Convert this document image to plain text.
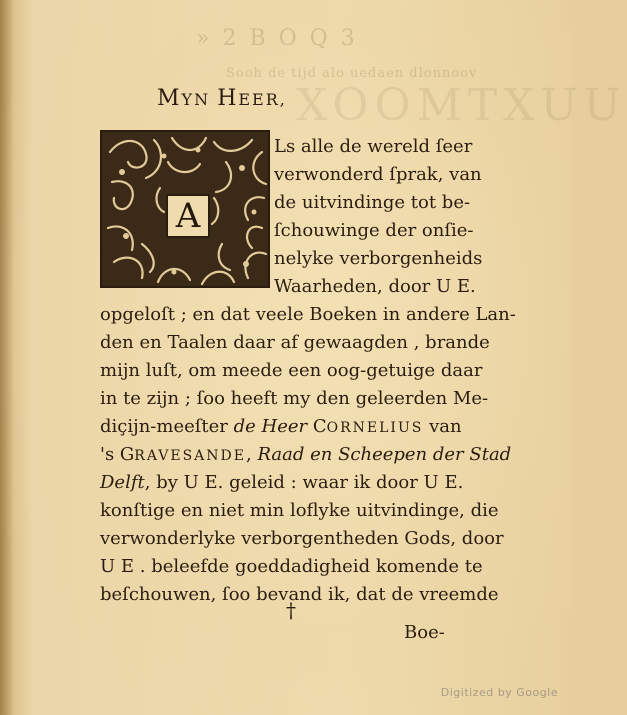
» 2 B O Q 3
Sooh de tijd alo uedaen dlonnoov
XOOMTXUU
MYN HEER,
A
Ls alle de wereld ſeer
verwonderd ſprak, van
de uitvindinge tot be-
ſchouwinge der onſie-
nelyke verborgenheids
Waarheden, door U E.
opgeloſt ; en dat veele Boeken in andere Lan-
den en Taalen daar af gewaagden , brande
mijn luſt, om meede een oog-getuige daar
in te zijn ; ſoo heeft my den geleerden Me-
diçijn-meeſter de Heer CORNELIUS van
's GRAVESANDE, Raad en Scheepen der Stad
Delft, by U E. geleid : waar ik door U E.
konſtige en niet min loflyke uitvindinge, die
verwonderlyke verborgentheden Gods, door
U E . beleefde goeddadigheid komende te
beſchouwen, ſoo bevand ik, dat de vreemde
†
Boe-
Digitized by Google
